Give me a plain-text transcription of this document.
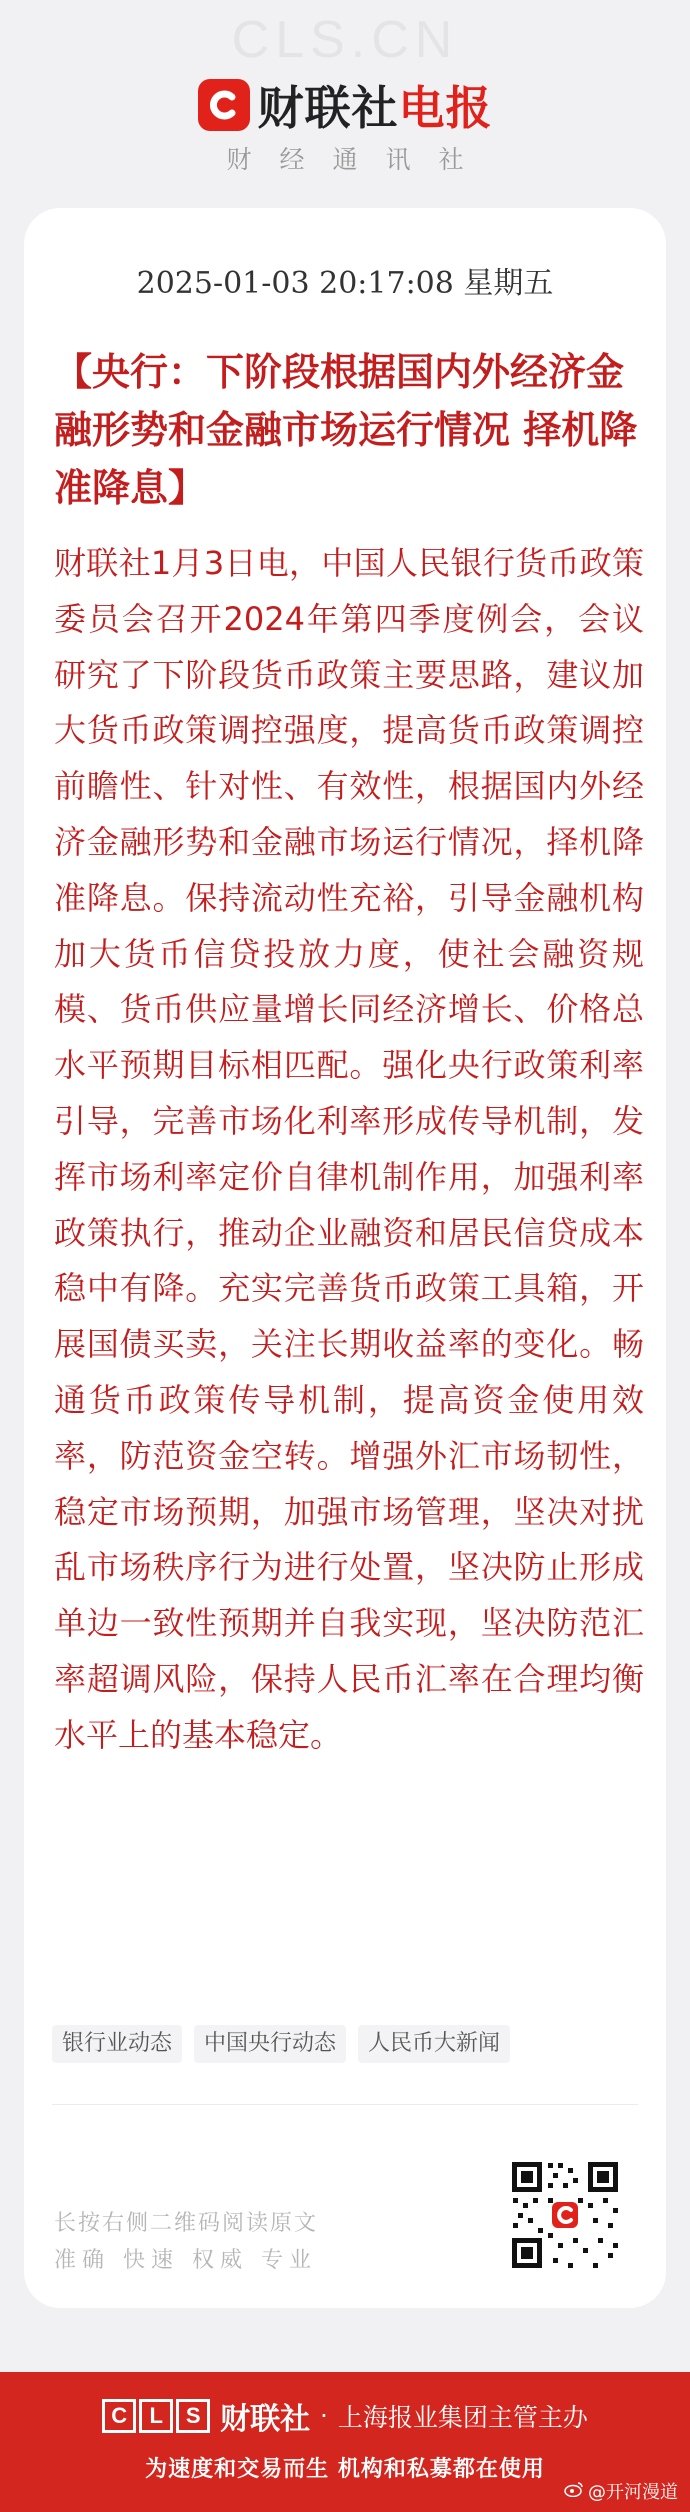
CLS.CN
财联社电报
财经通讯社
2025-01-03 20:17:08 星期五
【央行：下阶段根据国内外经济金融形势和金融市场运行情况 择机降准降息】
财联社1月3日电，中国人民银行货币政策委员会召开2024年第四季度例会，会议研究了下阶段货币政策主要思路，建议加大货币政策调控强度，提高货币政策调控前瞻性、针对性、有效性，根据国内外经济金融形势和金融市场运行情况，择机降准降息。保持流动性充裕，引导金融机构加大货币信贷投放力度，使社会融资规模、货币供应量增长同经济增长、价格总水平预期目标相匹配。强化央行政策利率引导，完善市场化利率形成传导机制，发挥市场利率定价自律机制作用，加强利率政策执行，推动企业融资和居民信贷成本稳中有降。充实完善货币政策工具箱，开展国债买卖，关注长期收益率的变化。畅通货币政策传导机制，提高资金使用效率，防范资金空转。增强外汇市场韧性，稳定市场预期，加强市场管理，坚决对扰乱市场秩序行为进行处置，坚决防止形成单边一致性预期并自我实现，坚决防范汇率超调风险，保持人民币汇率在合理均衡水平上的基本稳定。
银行业动态	中国央行动态	人民币大新闻
长按右侧二维码阅读原文
准确 快速 权威 专业
C	L	S 财联社 · 上海报业集团主管主办
为速度和交易而生 机构和私募都在使用
@开河漫道
